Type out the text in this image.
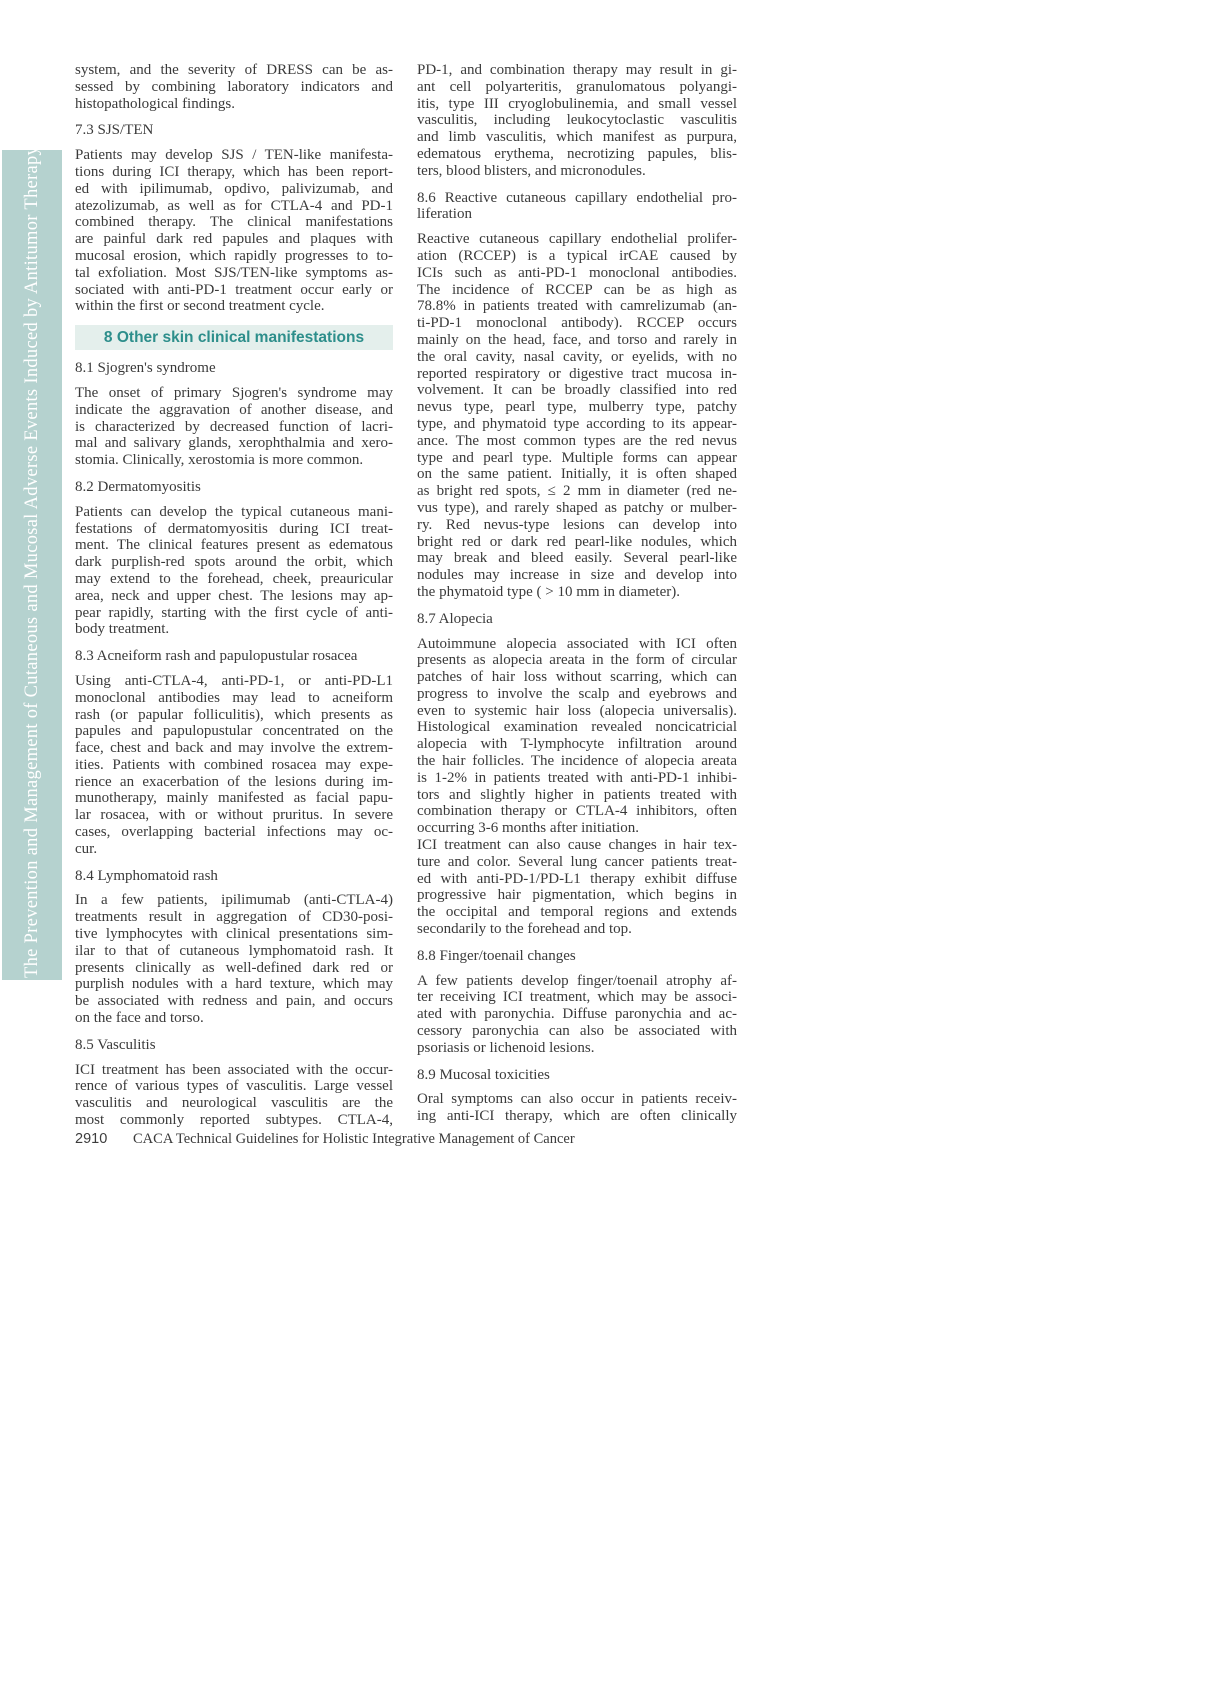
The Prevention and Management of Cutaneous and Mucosal Adverse Events Induced by Antitumor Therapy
system, and the severity of DRESS can be as-
sessed by combining laboratory indicators and
histopathological findings.
7.3 SJS/TEN
Patients may develop SJS / TEN-like manifesta-
tions during ICI therapy, which has been report-
ed with ipilimumab, opdivo, palivizumab, and
atezolizumab, as well as for CTLA-4 and PD-1
combined therapy. The clinical manifestations
are painful dark red papules and plaques with
mucosal erosion, which rapidly progresses to to-
tal exfoliation. Most SJS/TEN-like symptoms as-
sociated with anti-PD-1 treatment occur early or
within the first or second treatment cycle.
8 Other skin clinical manifestations
8.1 Sjogren's syndrome
The onset of primary Sjogren's syndrome may
indicate the aggravation of another disease, and
is characterized by decreased function of lacri-
mal and salivary glands, xerophthalmia and xero-
stomia. Clinically, xerostomia is more common.
8.2 Dermatomyositis
Patients can develop the typical cutaneous mani-
festations of dermatomyositis during ICI treat-
ment. The clinical features present as edematous
dark purplish-red spots around the orbit, which
may extend to the forehead, cheek, preauricular
area, neck and upper chest. The lesions may ap-
pear rapidly, starting with the first cycle of anti-
body treatment.
8.3 Acneiform rash and papulopustular rosacea
Using anti-CTLA-4, anti-PD-1, or anti-PD-L1
monoclonal antibodies may lead to acneiform
rash (or papular folliculitis), which presents as
papules and papulopustular concentrated on the
face, chest and back and may involve the extrem-
ities. Patients with combined rosacea may expe-
rience an exacerbation of the lesions during im-
munotherapy, mainly manifested as facial papu-
lar rosacea, with or without pruritus. In severe
cases, overlapping bacterial infections may oc-
cur.
8.4 Lymphomatoid rash
In a few patients, ipilimumab (anti-CTLA-4)
treatments result in aggregation of CD30-posi-
tive lymphocytes with clinical presentations sim-
ilar to that of cutaneous lymphomatoid rash. It
presents clinically as well-defined dark red or
purplish nodules with a hard texture, which may
be associated with redness and pain, and occurs
on the face and torso.
8.5 Vasculitis
ICI treatment has been associated with the occur-
rence of various types of vasculitis. Large vessel
vasculitis and neurological vasculitis are the
most commonly reported subtypes. CTLA-4,
PD-1, and combination therapy may result in gi-
ant cell polyarteritis, granulomatous polyangi-
itis, type III cryoglobulinemia, and small vessel
vasculitis, including leukocytoclastic vasculitis
and limb vasculitis, which manifest as purpura,
edematous erythema, necrotizing papules, blis-
ters, blood blisters, and micronodules.
8.6 Reactive cutaneous capillary endothelial pro-
liferation
Reactive cutaneous capillary endothelial prolifer-
ation (RCCEP) is a typical irCAE caused by
ICIs such as anti-PD-1 monoclonal antibodies.
The incidence of RCCEP can be as high as
78.8% in patients treated with camrelizumab (an-
ti-PD-1 monoclonal antibody). RCCEP occurs
mainly on the head, face, and torso and rarely in
the oral cavity, nasal cavity, or eyelids, with no
reported respiratory or digestive tract mucosa in-
volvement. It can be broadly classified into red
nevus type, pearl type, mulberry type, patchy
type, and phymatoid type according to its appear-
ance. The most common types are the red nevus
type and pearl type. Multiple forms can appear
on the same patient. Initially, it is often shaped
as bright red spots, ≤ 2 mm in diameter (red ne-
vus type), and rarely shaped as patchy or mulber-
ry. Red nevus-type lesions can develop into
bright red or dark red pearl-like nodules, which
may break and bleed easily. Several pearl-like
nodules may increase in size and develop into
the phymatoid type ( > 10 mm in diameter).
8.7 Alopecia
Autoimmune alopecia associated with ICI often
presents as alopecia areata in the form of circular
patches of hair loss without scarring, which can
progress to involve the scalp and eyebrows and
even to systemic hair loss (alopecia universalis).
Histological examination revealed noncicatricial
alopecia with T-lymphocyte infiltration around
the hair follicles. The incidence of alopecia areata
is 1-2% in patients treated with anti-PD-1 inhibi-
tors and slightly higher in patients treated with
combination therapy or CTLA-4 inhibitors, often
occurring 3-6 months after initiation.
ICI treatment can also cause changes in hair tex-
ture and color. Several lung cancer patients treat-
ed with anti-PD-1/PD-L1 therapy exhibit diffuse
progressive hair pigmentation, which begins in
the occipital and temporal regions and extends
secondarily to the forehead and top.
8.8 Finger/toenail changes
A few patients develop finger/toenail atrophy af-
ter receiving ICI treatment, which may be associ-
ated with paronychia. Diffuse paronychia and ac-
cessory paronychia can also be associated with
psoriasis or lichenoid lesions.
8.9 Mucosal toxicities
Oral symptoms can also occur in patients receiv-
ing anti-ICI therapy, which are often clinically
2910 CACA Technical Guidelines for Holistic Integrative Management of Cancer
